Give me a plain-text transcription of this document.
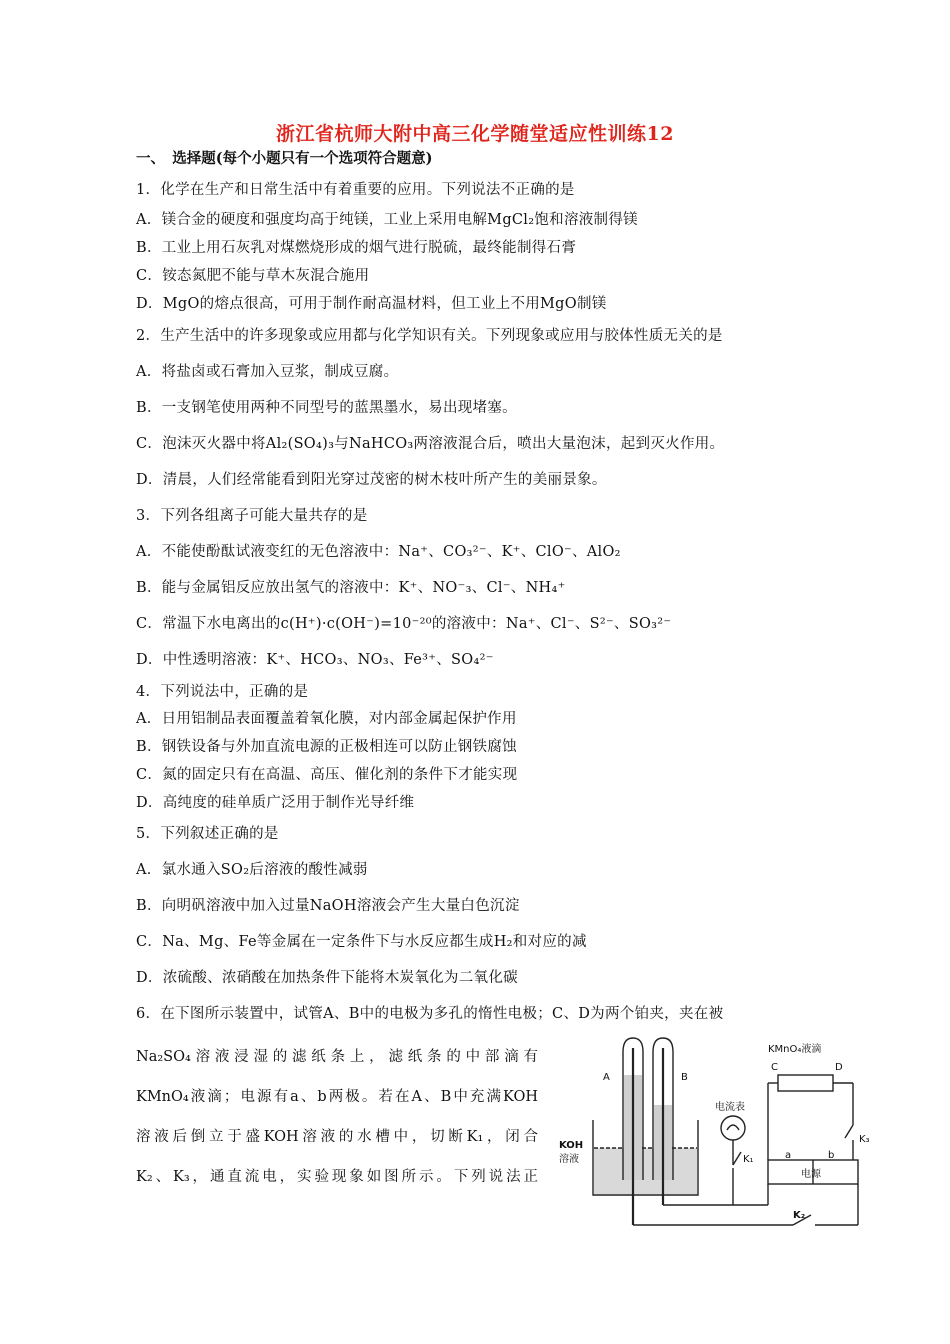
浙江省杭师大附中高三化学随堂适应性训练12
一、　选择题(每个小题只有一个选项符合题意)
1．化学在生产和日常生活中有着重要的应用。下列说法不正确的是
A．镁合金的硬度和强度均高于纯镁，工业上采用电解MgCl₂饱和溶液制得镁
B．工业上用石灰乳对煤燃烧形成的烟气进行脱硫，最终能制得石膏
C．铵态氮肥不能与草木灰混合施用
D．MgO的熔点很高，可用于制作耐高温材料，但工业上不用MgO制镁
2．生产生活中的许多现象或应用都与化学知识有关。下列现象或应用与胶体性质无关的是
A．将盐卤或石膏加入豆浆，制成豆腐。
B．一支钢笔使用两种不同型号的蓝黑墨水，易出现堵塞。
C．泡沫灭火器中将Al₂(SO₄)₃与NaHCO₃两溶液混合后，喷出大量泡沫，起到灭火作用。
D．清晨，人们经常能看到阳光穿过茂密的树木枝叶所产生的美丽景象。
3．下列各组离子可能大量共存的是
A．不能使酚酞试液变红的无色溶液中：Na⁺、CO₃²⁻、K⁺、ClO⁻、AlO₂
B．能与金属铝反应放出氢气的溶液中：K⁺、NO⁻₃、Cl⁻、NH₄⁺
C．常温下水电离出的c(H⁺)·c(OH⁻)=10⁻²⁰的溶液中：Na⁺、Cl⁻、S²⁻、SO₃²⁻
D．中性透明溶液：K⁺、HCO₃、NO₃、Fe³⁺、SO₄²⁻
4．下列说法中，正确的是
A．日用铝制品表面覆盖着氧化膜，对内部金属起保护作用
B．钢铁设备与外加直流电源的正极相连可以防止钢铁腐蚀
C．氮的固定只有在高温、高压、催化剂的条件下才能实现
D．高纯度的硅单质广泛用于制作光导纤维
5．下列叙述正确的是
A．氯水通入SO₂后溶液的酸性减弱
B．向明矾溶液中加入过量NaOH溶液会产生大量白色沉淀
C．Na、Mg、Fe等金属在一定条件下与水反应都生成H₂和对应的减
D．浓硫酸、浓硝酸在加热条件下能将木炭氧化为二氧化碳
6．在下图所示装置中，试管A、B中的电极为多孔的惰性电极；C、D为两个铂夹，夹在被
Na₂SO₄溶液浸湿的滤纸条上，滤纸条的中部滴有
KMnO₄液滴；电源有a、b两极。若在A、B中充满KOH
溶液后倒立于盛KOH溶液的水槽中，切断K₁，闭合
K₂、K₃，通直流电，实验现象如图所示。下列说法正
A	B
KOH
溶液
电流表
KMnO₄液滴
C	D
K₁
K₂
K₃
a	b
电源
